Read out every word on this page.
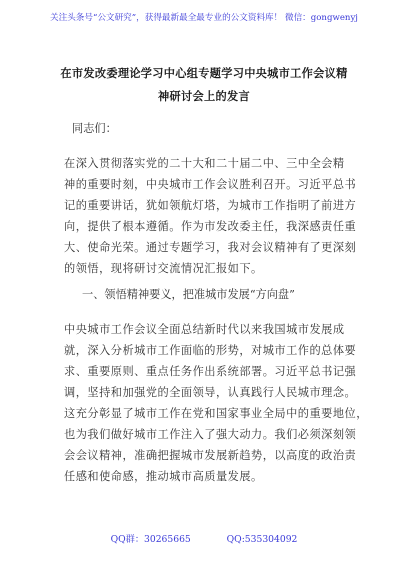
关注头条号“公文研究”，获得最新最全最专业的公文资料库！ 微信：gongwenyj
在市发改委理论学习中心组专题学习中央城市工作会议精
神研讨会上的发言
同志们：
在深入贯彻落实党的二十大和二十届二中、三中全会精
神的重要时刻，中央城市工作会议胜利召开。习近平总书
记的重要讲话，犹如领航灯塔，为城市工作指明了前进方
向，提供了根本遵循。作为市发改委主任，我深感责任重
大、使命光荣。通过专题学习，我对会议精神有了更深刻
的领悟，现将研讨交流情况汇报如下。
一、领悟精神要义，把准城市发展“方向盘”
中央城市工作会议全面总结新时代以来我国城市发展成
就，深入分析城市工作面临的形势，对城市工作的总体要
求、重要原则、重点任务作出系统部署。习近平总书记强
调，坚持和加强党的全面领导，认真践行人民城市理念。
这充分彰显了城市工作在党和国家事业全局中的重要地位，
也为我们做好城市工作注入了强大动力。我们必须深刻领
会会议精神，准确把握城市发展新趋势，以高度的政治责
任感和使命感，推动城市高质量发展。
QQ群：30265665	QQ:535304092
